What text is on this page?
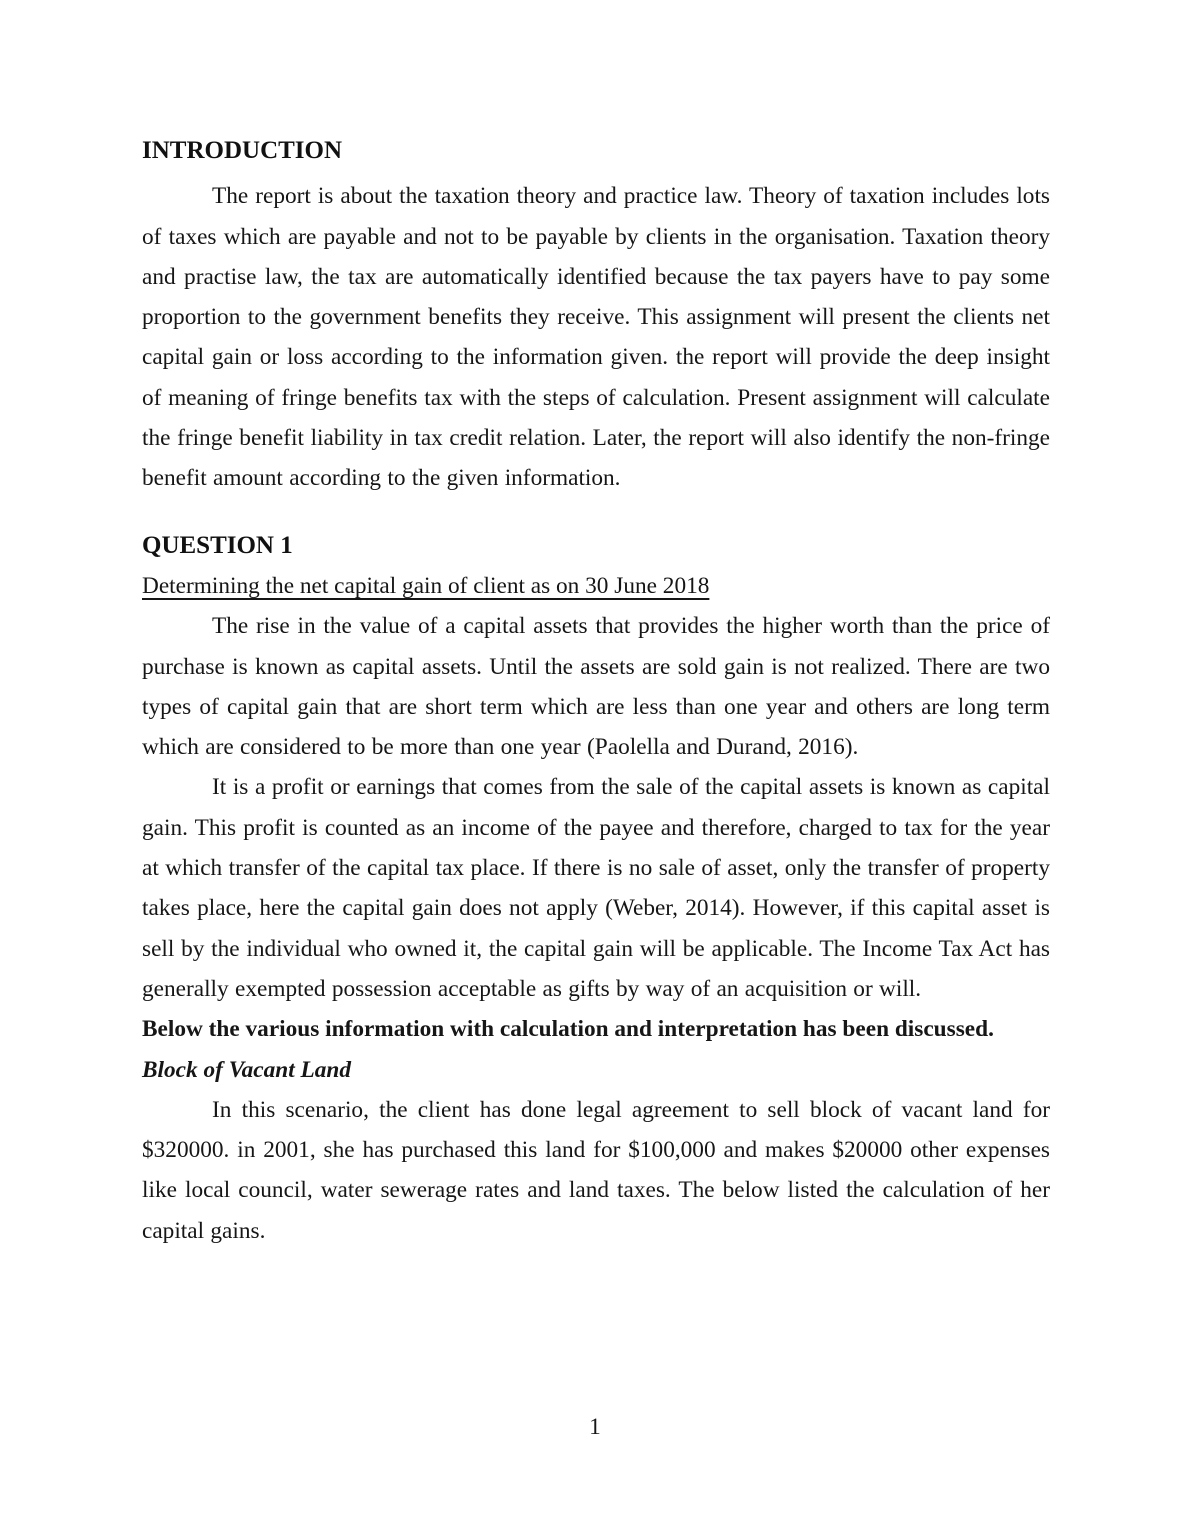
INTRODUCTION

The report is about the taxation theory and practice law. Theory of taxation includes lots of taxes which are payable and not to be payable by clients in the organisation. Taxation theory and practise law, the tax are automatically identified because the tax payers have to pay some proportion to the government benefits they receive. This assignment will present the clients net capital gain or loss according to the information given. the report will provide the deep insight of meaning of fringe benefits tax with the steps of calculation. Present assignment will calculate the fringe benefit liability in tax credit relation. Later, the report will also identify the non-fringe benefit amount according to the given information.

QUESTION 1

Determining the net capital gain of client as on 30 June 2018

The rise in the value of a capital assets that provides the higher worth than the price of purchase is known as capital assets. Until the assets are sold gain is not realized. There are two types of capital gain that are short term which are less than one year and others are long term which are considered to be more than one year (Paolella and Durand, 2016).

It is a profit or earnings that comes from the sale of the capital assets is known as capital gain. This profit is counted as an income of the payee and therefore, charged to tax for the year at which transfer of the capital tax place. If there is no sale of asset, only the transfer of property takes place, here the capital gain does not apply (Weber, 2014). However, if this capital asset is sell by the individual who owned it, the capital gain will be applicable. The Income Tax Act has generally exempted possession acceptable as gifts by way of an acquisition or will.

Below the various information with calculation and interpretation has been discussed.

Block of Vacant Land

In this scenario, the client has done legal agreement to sell block of vacant land for $320000. in 2001, she has purchased this land for $100,000 and makes $20000 other expenses like local council, water sewerage rates and land taxes. The below listed the calculation of her capital gains.

1
